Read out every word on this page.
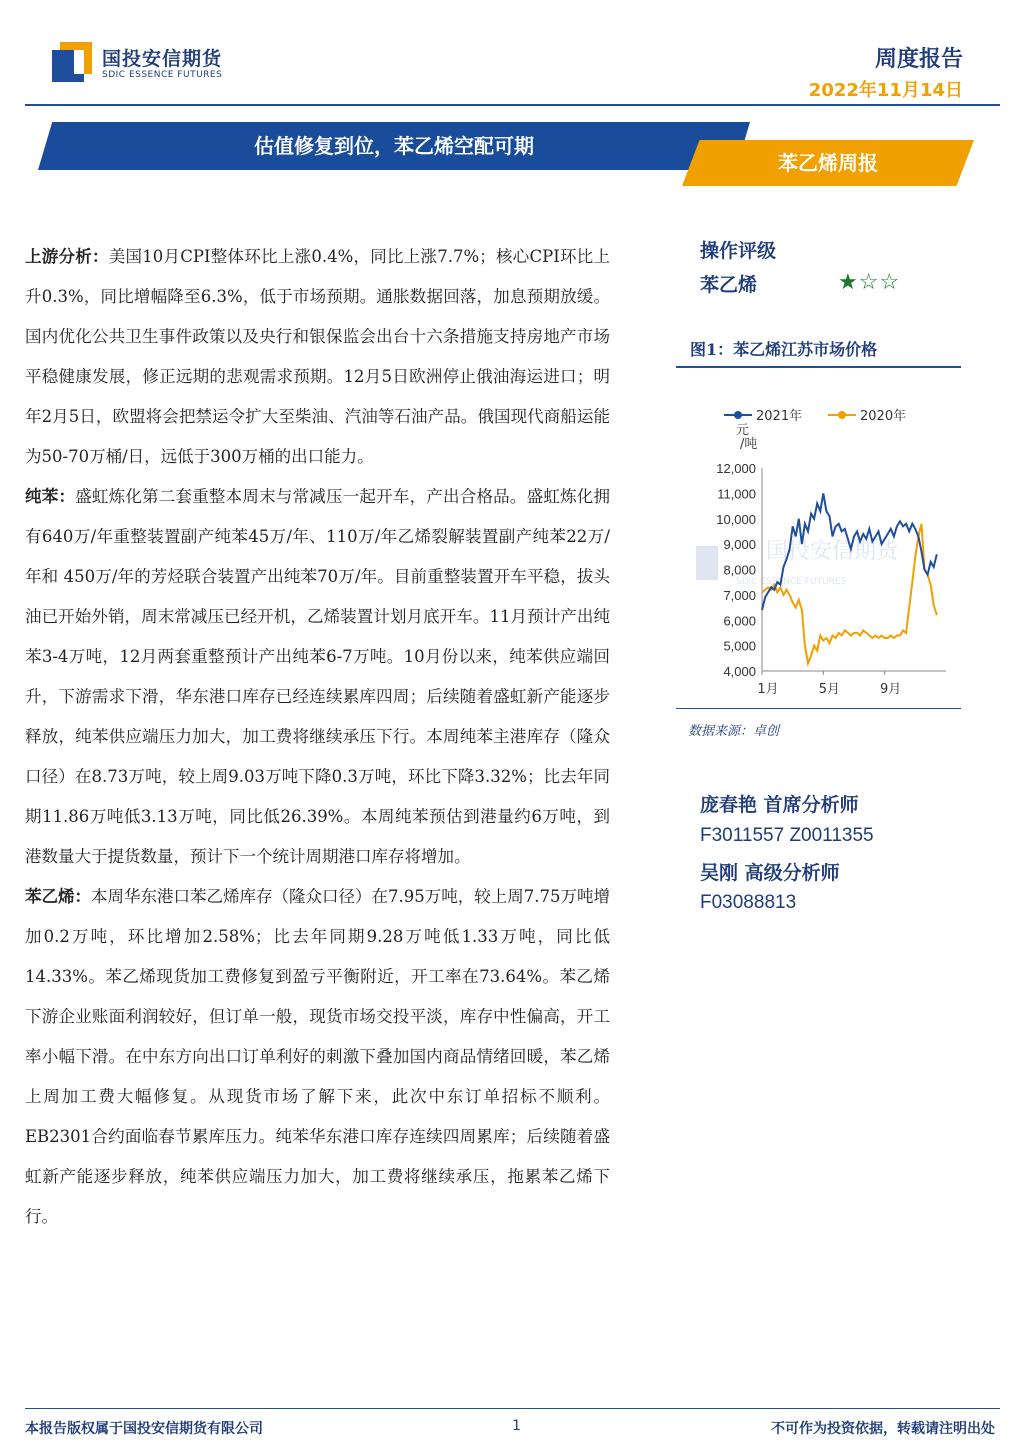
国投安信期货
SDIC ESSENCE FUTURES
周度报告
2022年11月14日
估值修复到位，苯乙烯空配可期
苯乙烯周报

上游分析：美国10月CPI整体环比上涨0.4%，同比上涨7.7%；核心CPI环比上升0.3%，同比增幅降至6.3%，低于市场预期。通胀数据回落，加息预期放缓。国内优化公共卫生事件政策以及央行和银保监会出台十六条措施支持房地产市场平稳健康发展，修正远期的悲观需求预期。12月5日欧洲停止俄油海运进口；明年2月5日，欧盟将会把禁运令扩大至柴油、汽油等石油产品。俄国现代商船运能为50-70万桶/日，远低于300万桶的出口能力。

纯苯：盛虹炼化第二套重整本周末与常减压一起开车，产出合格品。盛虹炼化拥有640万/年重整装置副产纯苯45万/年、110万/年乙烯裂解装置副产纯苯22万/年和 450万/年的芳烃联合装置产出纯苯70万/年。目前重整装置开车平稳，拔头油已开始外销，周末常减压已经开机，乙烯装置计划月底开车。11月预计产出纯苯3-4万吨，12月两套重整预计产出纯苯6-7万吨。10月份以来，纯苯供应端回升，下游需求下滑，华东港口库存已经连续累库四周；后续随着盛虹新产能逐步释放，纯苯供应端压力加大，加工费将继续承压下行。本周纯苯主港库存（隆众口径）在8.73万吨，较上周9.03万吨下降0.3万吨，环比下降3.32%；比去年同期11.86万吨低3.13万吨，同比低26.39%。本周纯苯预估到港量约6万吨，到港数量大于提货数量，预计下一个统计周期港口库存将增加。

苯乙烯：本周华东港口苯乙烯库存（隆众口径）在7.95万吨，较上周7.75万吨增加0.2万吨，环比增加2.58%；比去年同期9.28万吨低1.33万吨，同比低14.33%。苯乙烯现货加工费修复到盈亏平衡附近，开工率在73.64%。苯乙烯下游企业账面利润较好，但订单一般，现货市场交投平淡，库存中性偏高，开工率小幅下滑。在中东方向出口订单利好的刺激下叠加国内商品情绪回暖，苯乙烯上周加工费大幅修复。从现货市场了解下来，此次中东订单招标不顺利。EB2301合约面临春节累库压力。纯苯华东港口库存连续四周累库；后续随着盛虹新产能逐步释放，纯苯供应端压力加大，加工费将继续承压，拖累苯乙烯下行。

操作评级
苯乙烯	★☆☆
图1：苯乙烯江苏市场价格
国投安信期货
SDIC ESSENCE FUTURES
12,000
11,000
10,000
9,000
8,000
7,000
6,000
5,000
4,000
1月	5月	9月
元
/吨
2021年	2020年
数据来源：卓创
庞春艳 首席分析师
F3011557 Z0011355
吴刚 高级分析师
F03088813
本报告版权属于国投安信期货有限公司	1	不可作为投资依据，转载请注明出处
